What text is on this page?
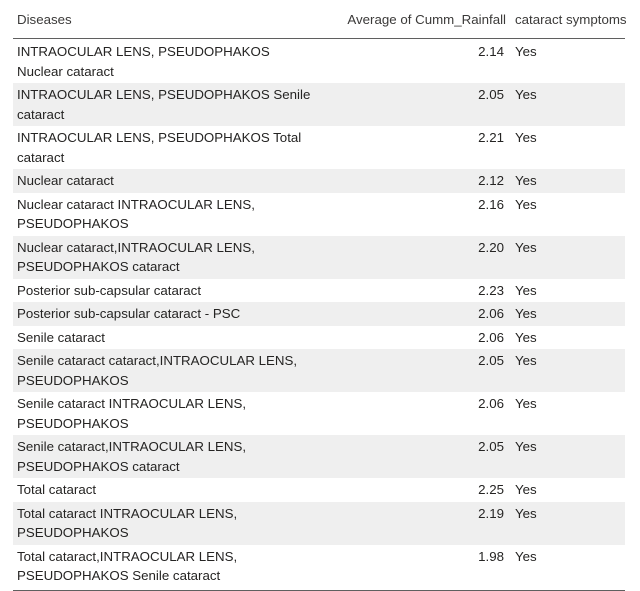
Diseases	Average of Cumm_Rainfall	cataract symptoms
INTRAOCULAR LENS, PSEUDOPHAKOS Nuclear cataract	2.14	Yes
INTRAOCULAR LENS, PSEUDOPHAKOS Senile cataract	2.05	Yes
INTRAOCULAR LENS, PSEUDOPHAKOS Total cataract	2.21	Yes
Nuclear cataract	2.12	Yes
Nuclear cataract INTRAOCULAR LENS, PSEUDOPHAKOS	2.16	Yes
Nuclear cataract,INTRAOCULAR LENS, PSEUDOPHAKOS cataract	2.20	Yes
Posterior sub-capsular cataract	2.23	Yes
Posterior sub-capsular cataract - PSC	2.06	Yes
Senile cataract	2.06	Yes
Senile cataract cataract,INTRAOCULAR LENS, PSEUDOPHAKOS	2.05	Yes
Senile cataract INTRAOCULAR LENS, PSEUDOPHAKOS	2.06	Yes
Senile cataract,INTRAOCULAR LENS, PSEUDOPHAKOS cataract	2.05	Yes
Total cataract	2.25	Yes
Total cataract INTRAOCULAR LENS, PSEUDOPHAKOS	2.19	Yes
Total cataract,INTRAOCULAR LENS, PSEUDOPHAKOS Senile cataract	1.98	Yes
